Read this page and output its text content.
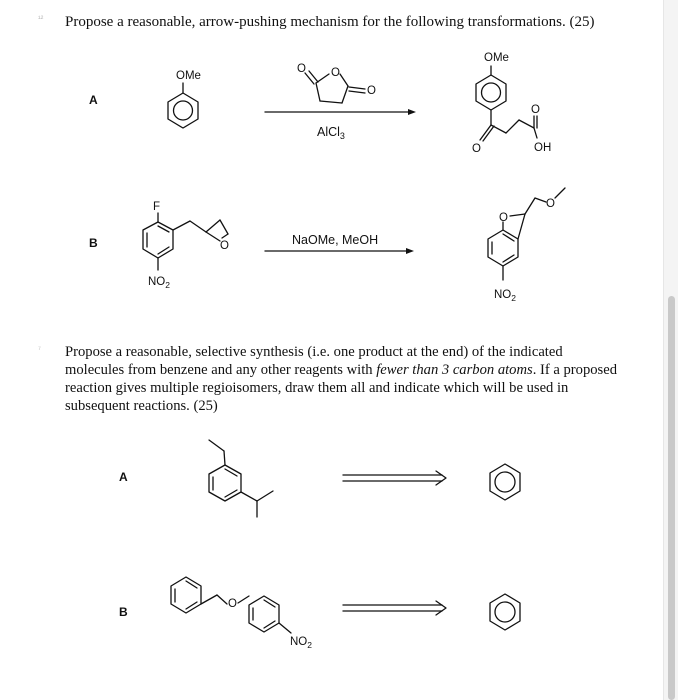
¹²
⁷
Propose a reasonable, arrow-pushing mechanism for the following transformations. (25)
Propose a reasonable, selective synthesis (i.e. one product at the end) of the indicated molecules from benzene and any other reagents with fewer than 3 carbon atoms. If a proposed reaction gives multiple regioisomers, draw them all and indicate which will be used in subsequent reactions. (25)
A
OMe
O O
O
AlCl$_3$
OMe
O
O
OH
B
F
$NO_2$
O	NaOMe, MeOH
O
O
$NO_2$
A
B
O
$NO_2$
